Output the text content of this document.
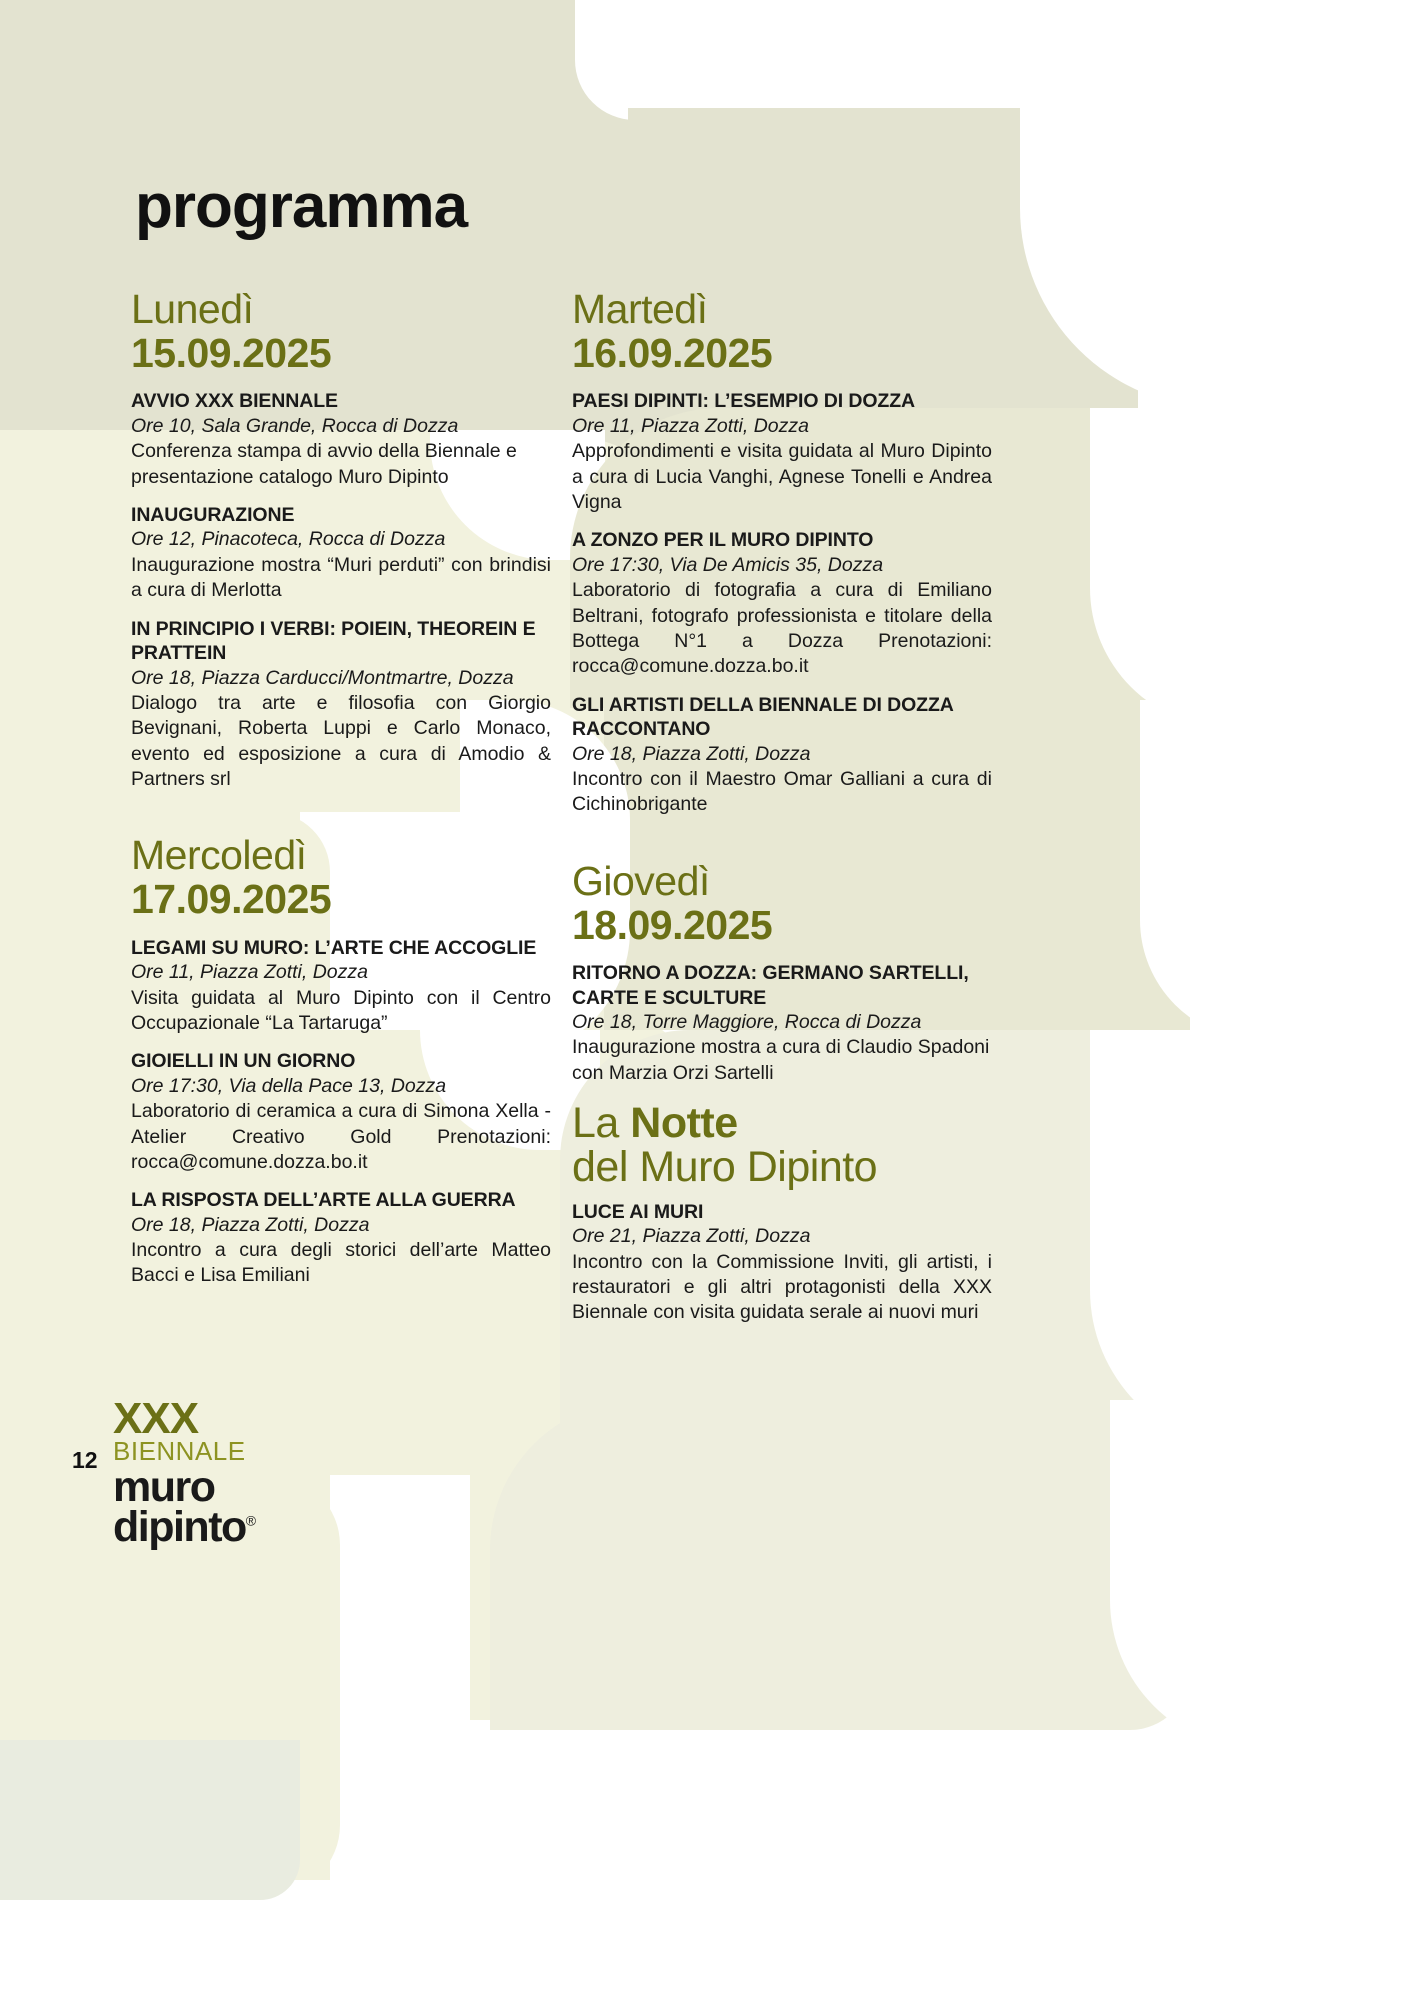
programma
Lunedì
15.09.2025
AVVIO XXX BIENNALE
Ore 10, Sala Grande, Rocca di Dozza
Conferenza stampa di avvio della Biennale e presentazione catalogo Muro Dipinto
INAUGURAZIONE
Ore 12, Pinacoteca, Rocca di Dozza
Inaugurazione mostra “Muri perduti” con brindisi a cura di Merlotta
IN PRINCIPIO I VERBI: POIEIN, THEOREIN E PRATTEIN
Ore 18, Piazza Carducci/Montmartre, Dozza
Dialogo tra arte e filosofia con Giorgio Bevignani, Roberta Luppi e Carlo Monaco, evento ed esposizione a cura di Amodio & Partners srl
Mercoledì
17.09.2025
LEGAMI SU MURO: L’ARTE CHE ACCOGLIE
Ore 11, Piazza Zotti, Dozza
Visita guidata al Muro Dipinto con il Centro Occupazionale “La Tartaruga”
GIOIELLI IN UN GIORNO
Ore 17:30, Via della Pace 13, Dozza
Laboratorio di ceramica a cura di Simona Xella - Atelier Creativo Gold Prenotazioni: rocca@comune.dozza.bo.it
LA RISPOSTA DELL’ARTE ALLA GUERRA
Ore 18, Piazza Zotti, Dozza
Incontro a cura degli storici dell’arte Matteo Bacci e Lisa Emiliani
Martedì
16.09.2025
PAESI DIPINTI: L’ESEMPIO DI DOZZA
Ore 11, Piazza Zotti, Dozza
Approfondimenti e visita guidata al Muro Dipinto a cura di Lucia Vanghi, Agnese Tonelli e Andrea Vigna
A ZONZO PER IL MURO DIPINTO
Ore 17:30, Via De Amicis 35, Dozza
Laboratorio di fotografia a cura di Emiliano Beltrani, fotografo professionista e titolare della Bottega N°1 a Dozza Prenotazioni: rocca@comune.dozza.bo.it
GLI ARTISTI DELLA BIENNALE DI DOZZA RACCONTANO
Ore 18, Piazza Zotti, Dozza
Incontro con il Maestro Omar Galliani a cura di Cichinobrigante
Giovedì
18.09.2025
RITORNO A DOZZA: GERMANO SARTELLI, CARTE E SCULTURE
Ore 18, Torre Maggiore, Rocca di Dozza
Inaugurazione mostra a cura di Claudio Spadoni con Marzia Orzi Sartelli
La Notte
del Muro Dipinto
LUCE AI MURI
Ore 21, Piazza Zotti, Dozza
Incontro con la Commissione Inviti, gli artisti, i restauratori e gli altri protagonisti della XXX Biennale con visita guidata serale ai nuovi muri
12
XXX
BIENNALE
muro
dipinto®
